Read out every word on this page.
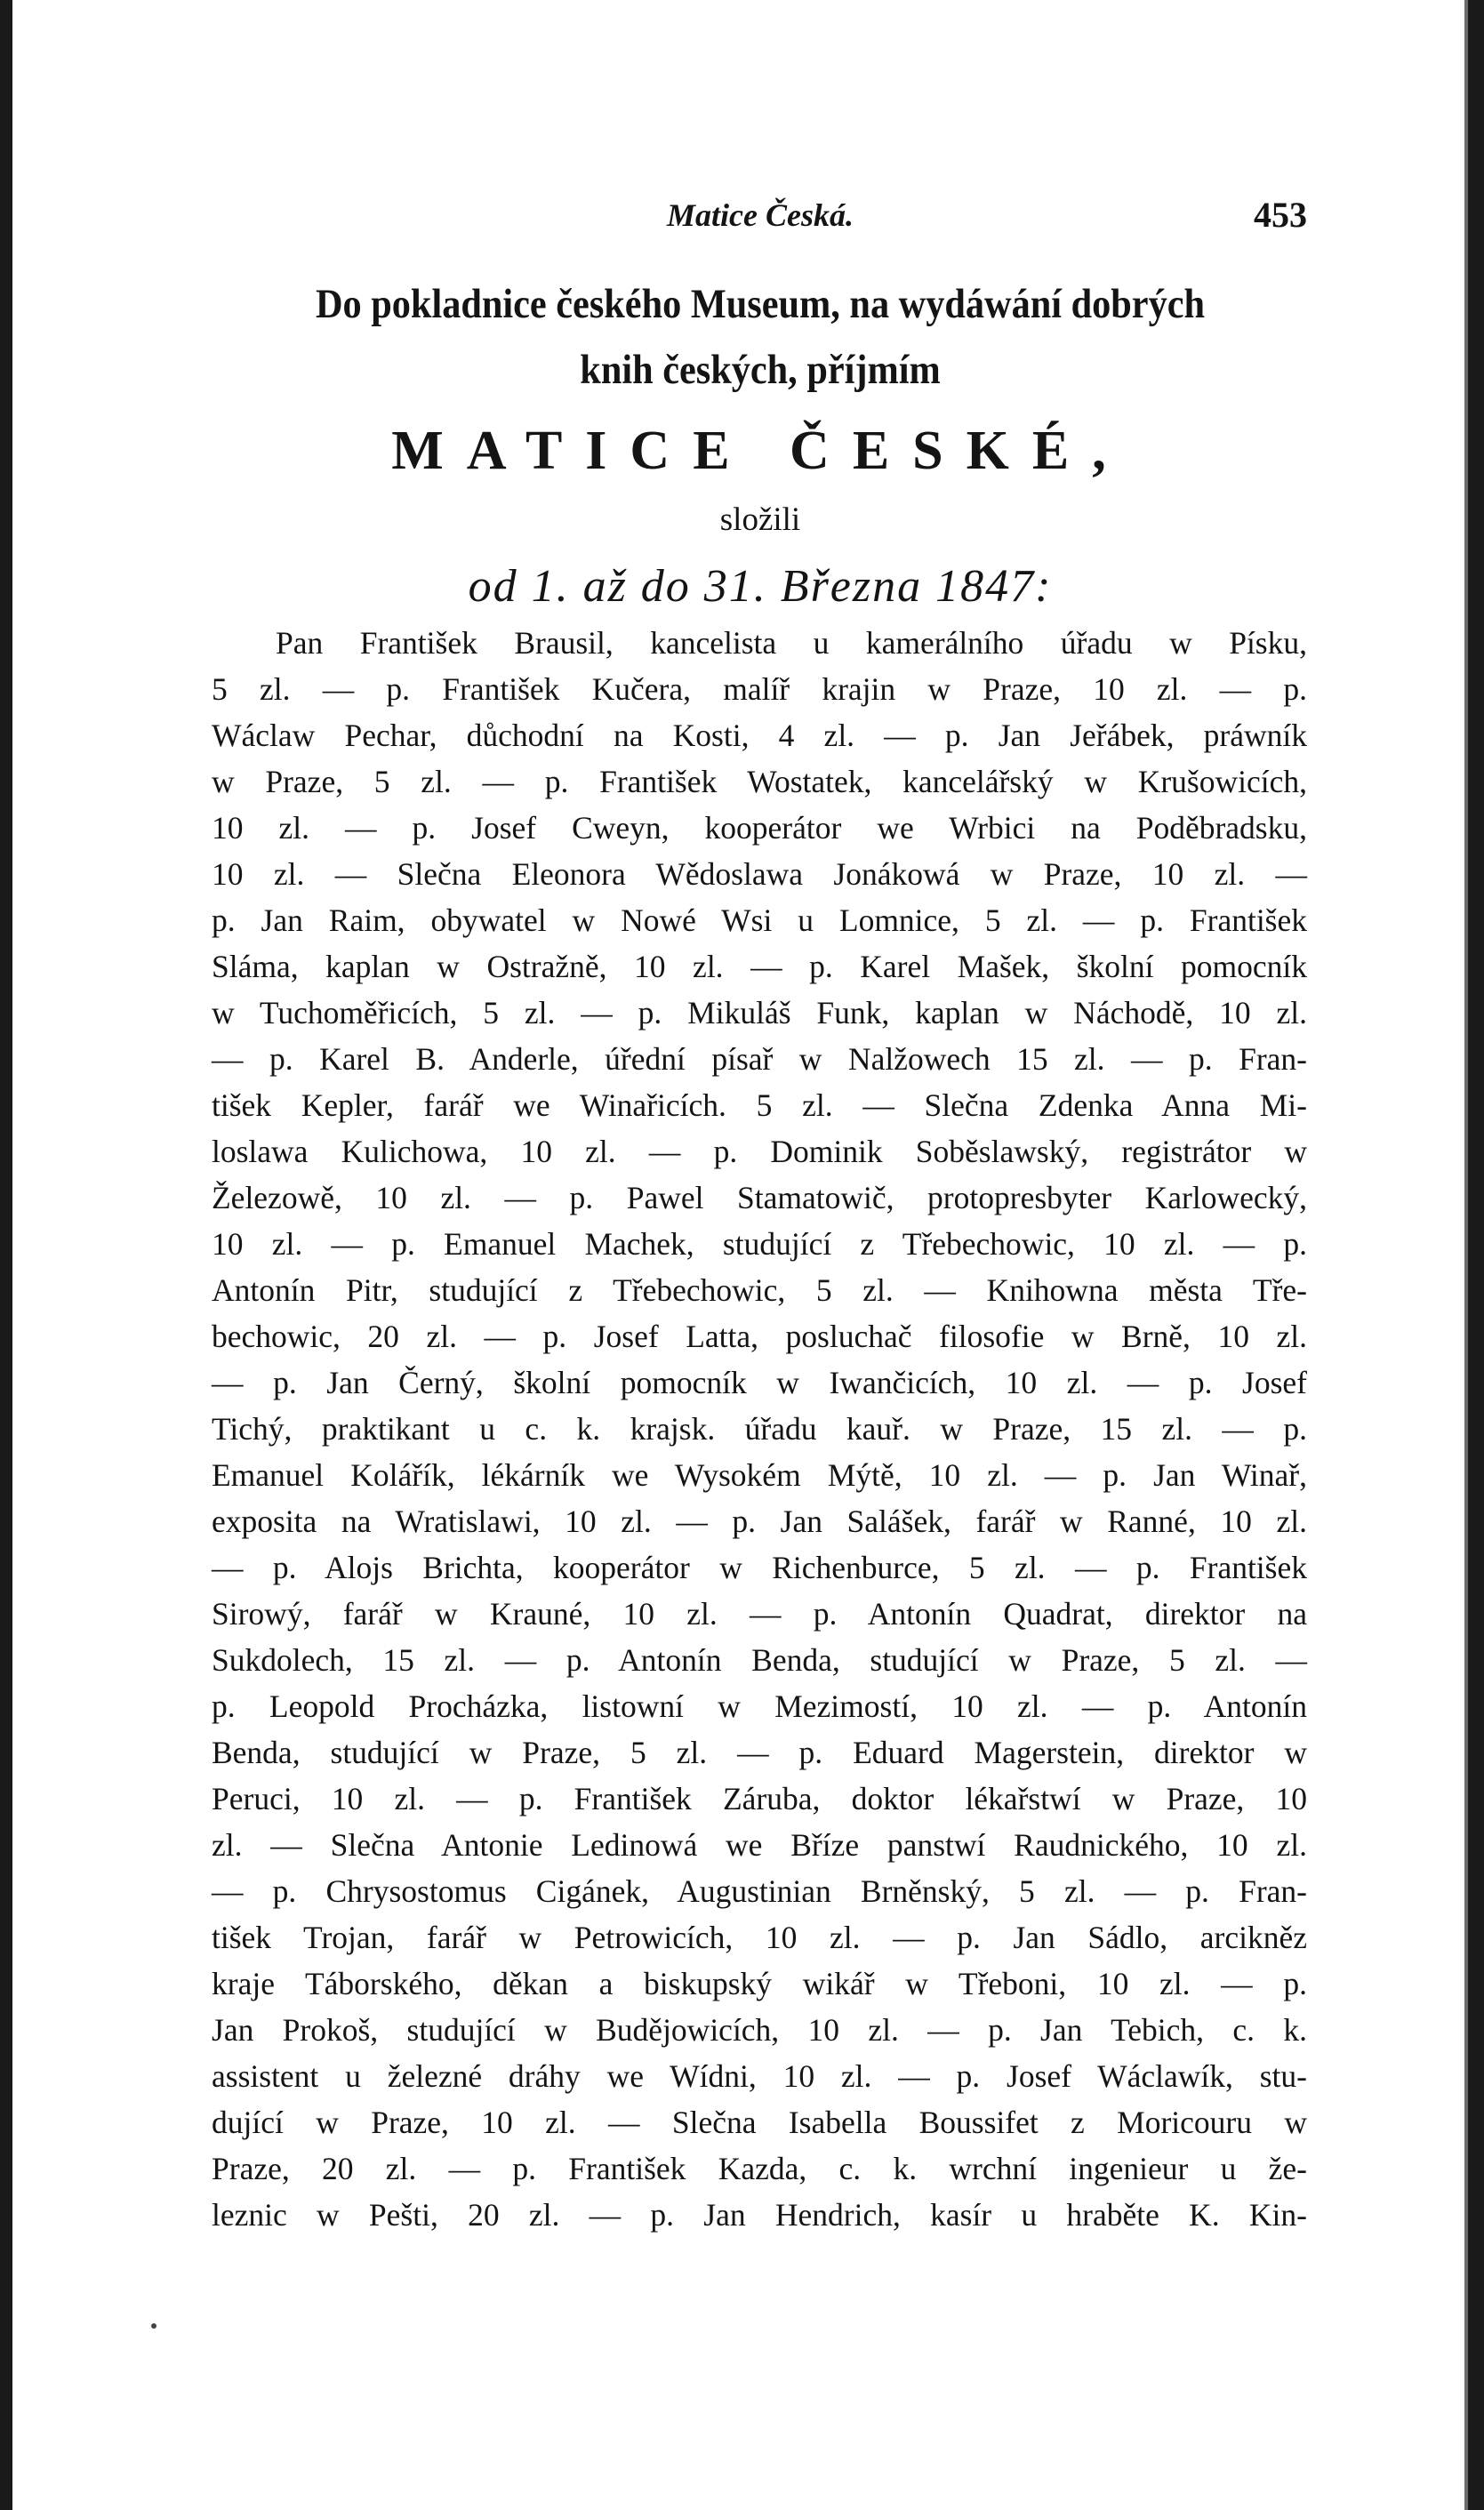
Matice Česká.	453
Do pokladnice českého Museum, na wydáwání dobrých
knih českých, příjmím
MATICE ČESKÉ,
složili
od 1. až do 31. Března 1847:
Pan František Brausil, kancelista u kamerálního úřadu w Písku,
5 zl. — p. František Kučera, malíř krajin w Praze, 10 zl. — p.
Wáclaw Pechar, důchodní na Kosti, 4 zl. — p. Jan Jeřábek, práwník
w Praze, 5 zl. — p. František Wostatek, kancelářský w Krušowicích,
10 zl. — p. Josef Cweyn, kooperátor we Wrbici na Poděbradsku,
10 zl. — Slečna Eleonora Wědoslawa Jonákowá w Praze, 10 zl. —
p. Jan Raim, obywatel w Nowé Wsi u Lomnice, 5 zl. — p. František
Sláma, kaplan w Ostražně, 10 zl. — p. Karel Mašek, školní pomocník
w Tuchoměřicích, 5 zl. — p. Mikuláš Funk, kaplan w Náchodě, 10 zl.
— p. Karel B. Anderle, úřední písař w Nalžowech 15 zl. — p. Fran-
tišek Kepler, farář we Winařicích. 5 zl. — Slečna Zdenka Anna Mi-
loslawa Kulichowa, 10 zl. — p. Dominik Soběslawský, registrátor w
Železowě, 10 zl. — p. Pawel Stamatowič, protopresbyter Karlowecký,
10 zl. — p. Emanuel Machek, studující z Třebechowic, 10 zl. — p.
Antonín Pitr, studující z Třebechowic, 5 zl. — Knihowna města Tře-
bechowic, 20 zl. — p. Josef Latta, posluchač filosofie w Brně, 10 zl.
— p. Jan Černý, školní pomocník w Iwančicích, 10 zl. — p. Josef
Tichý, praktikant u c. k. krajsk. úřadu kauř. w Praze, 15 zl. — p.
Emanuel Kolářík, lékárník we Wysokém Mýtě, 10 zl. — p. Jan Winař,
exposita na Wratislawi, 10 zl. — p. Jan Salášek, farář w Ranné, 10 zl.
— p. Alojs Brichta, kooperátor w Richenburce, 5 zl. — p. František
Sirowý, farář w Krauné, 10 zl. — p. Antonín Quadrat, direktor na
Sukdolech, 15 zl. — p. Antonín Benda, studující w Praze, 5 zl. —
p. Leopold Procházka, listowní w Mezimostí, 10 zl. — p. Antonín
Benda, studující w Praze, 5 zl. — p. Eduard Magerstein, direktor w
Peruci, 10 zl. — p. František Záruba, doktor lékařstwí w Praze, 10
zl. — Slečna Antonie Ledinowá we Bříze panstwí Raudnického, 10 zl.
— p. Chrysostomus Cigánek, Augustinian Brněnský, 5 zl. — p. Fran-
tišek Trojan, farář w Petrowicích, 10 zl. — p. Jan Sádlo, arcikněz
kraje Táborského, děkan a biskupský wikář w Třeboni, 10 zl. — p.
Jan Prokoš, studující w Budějowicích, 10 zl. — p. Jan Tebich, c. k.
assistent u železné dráhy we Wídni, 10 zl. — p. Josef Wáclawík, stu-
dující w Praze, 10 zl. — Slečna Isabella Boussifet z Moricouru w
Praze, 20 zl. — p. František Kazda, c. k. wrchní ingenieur u že-
leznic w Pešti, 20 zl. — p. Jan Hendrich, kasír u hraběte K. Kin-
